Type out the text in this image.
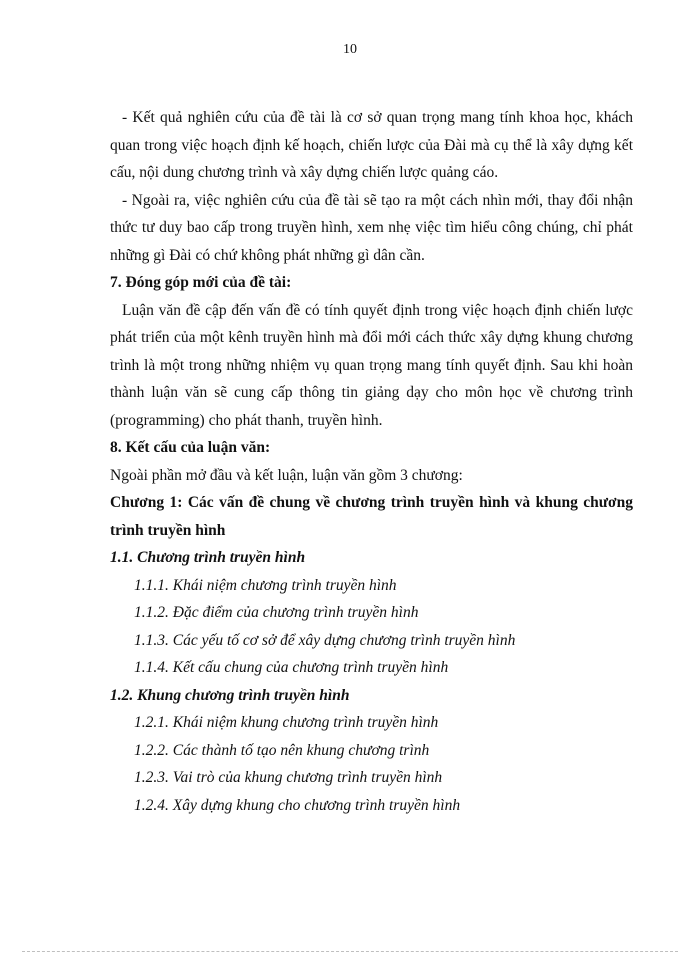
10

- Kết quả nghiên cứu của đề tài là cơ sở quan trọng mang tính khoa học, khách quan trong việc hoạch định kế hoạch, chiến lược của Đài mà cụ thể là xây dựng kết cấu, nội dung chương trình và xây dựng chiến lược quảng cáo.

- Ngoài ra, việc nghiên cứu của đề tài sẽ tạo ra một cách nhìn mới, thay đổi nhận thức tư duy bao cấp trong truyền hình, xem nhẹ việc tìm hiểu công chúng, chỉ phát những gì Đài có chứ không phát những gì dân cần.

7. Đóng góp mới của đề tài:

Luận văn đề cập đến vấn đề có tính quyết định trong việc hoạch định chiến lược phát triển của một kênh truyền hình mà đổi mới cách thức xây dựng khung chương trình là một trong những nhiệm vụ quan trọng mang tính quyết định. Sau khi hoàn thành luận văn sẽ cung cấp thông tin giảng dạy cho môn học về chương trình (programming) cho phát thanh, truyền hình.

8. Kết cấu của luận văn:

Ngoài phần mở đầu và kết luận, luận văn gồm 3 chương:

Chương 1: Các vấn đề chung về chương trình truyền hình và khung chương trình truyền hình

1.1. Chương trình truyền hình

1.1.1. Khái niệm chương trình truyền hình

1.1.2. Đặc điểm của chương trình truyền hình

1.1.3. Các yếu tố cơ sở để xây dựng chương trình truyền hình

1.1.4. Kết cấu chung của chương trình truyền hình

1.2. Khung chương trình truyền hình

1.2.1. Khái niệm khung chương trình truyền hình

1.2.2. Các thành tố tạo nên khung chương trình

1.2.3. Vai trò của khung chương trình truyền hình

1.2.4. Xây dựng khung cho chương trình truyền hình
